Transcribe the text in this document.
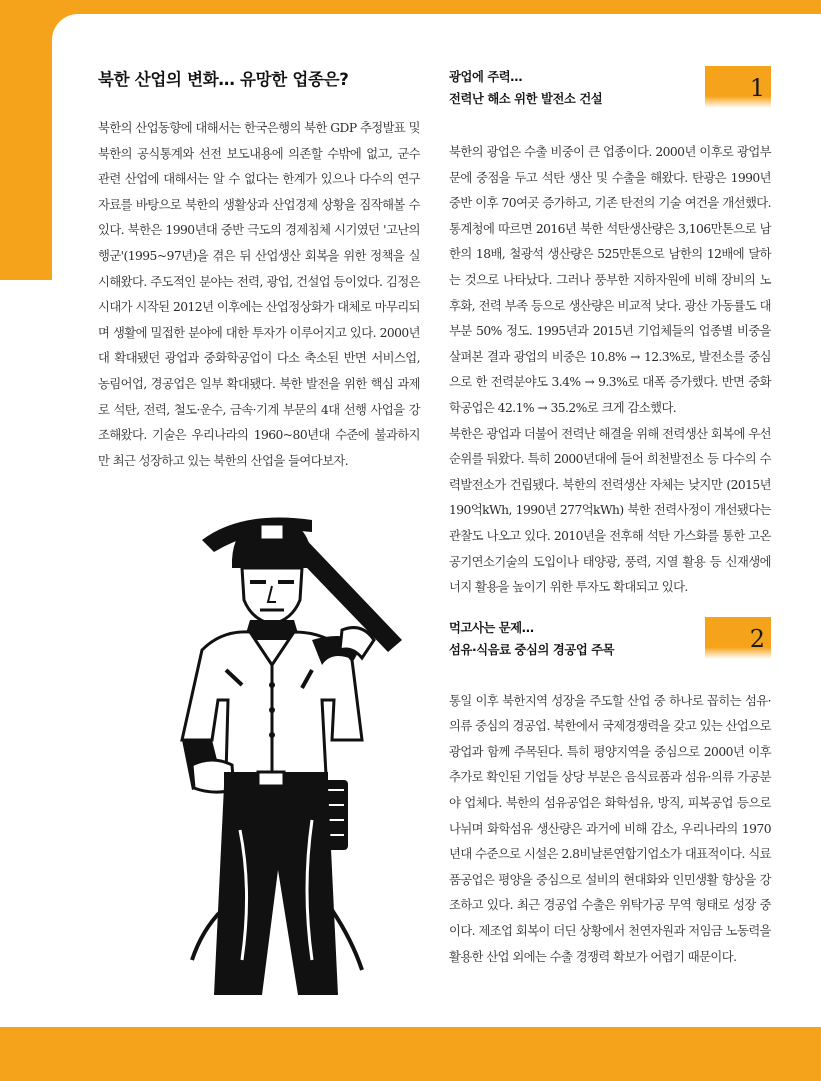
북한 산업의 변화… 유망한 업종은?

북한의 산업동향에 대해서는 한국은행의 북한 GDP 추정발표 및 북한의 공식통계와 선전 보도내용에 의존할 수밖에 없고, 군수 관련 산업에 대해서는 알 수 없다는 한계가 있으나 다수의 연구 자료를 바탕으로 북한의 생활상과 산업경제 상황을 짐작해볼 수 있다. 북한은 1990년대 중반 극도의 경제침체 시기였던 '고난의 행군'(1995~97년)을 겪은 뒤 산업생산 회복을 위한 정책을 실시해왔다. 주도적인 분야는 전력, 광업, 건설업 등이었다. 김정은 시대가 시작된 2012년 이후에는 산업정상화가 대체로 마무리되며 생활에 밀접한 분야에 대한 투자가 이루어지고 있다. 2000년대 확대됐던 광업과 중화학공업이 다소 축소된 반면 서비스업, 농림어업, 경공업은 일부 확대됐다. 북한 발전을 위한 핵심 과제로 석탄, 전력, 철도·운수, 금속·기계 부문의 4대 선행 사업을 강조해왔다. 기술은 우리나라의 1960~80년대 수준에 불과하지만 최근 성장하고 있는 북한의 산업을 들여다보자.

광업에 주력…
전력난 해소 위한 발전소 건설	1

북한의 광업은 수출 비중이 큰 업종이다. 2000년 이후로 광업부문에 중점을 두고 석탄 생산 및 수출을 해왔다. 탄광은 1990년 중반 이후 70여곳 증가하고, 기존 탄전의 기술 여건을 개선했다. 통계청에 따르면 2016년 북한 석탄생산량은 3,106만톤으로 남한의 18배, 철광석 생산량은 525만톤으로 남한의 12배에 달하는 것으로 나타났다. 그러나 풍부한 지하자원에 비해 장비의 노후화, 전력 부족 등으로 생산량은 비교적 낮다. 광산 가동률도 대부분 50% 정도. 1995년과 2015년 기업체들의 업종별 비중을 살펴본 결과 광업의 비중은 10.8% → 12.3%로, 발전소를 중심으로 한 전력분야도 3.4% → 9.3%로 대폭 증가했다. 반면 중화학공업은 42.1% → 35.2%로 크게 감소했다.

북한은 광업과 더불어 전력난 해결을 위해 전력생산 회복에 우선순위를 둬왔다. 특히 2000년대에 들어 희천발전소 등 다수의 수력발전소가 건립됐다. 북한의 전력생산 자체는 낮지만 (2015년 190억kWh, 1990년 277억kWh) 북한 전력사정이 개선됐다는 관찰도 나오고 있다. 2010년을 전후해 석탄 가스화를 통한 고온공기연소기술의 도입이나 태양광, 풍력, 지열 활용 등 신재생에너지 활용을 높이기 위한 투자도 확대되고 있다.

먹고사는 문제…
섬유·식음료 중심의 경공업 주목	2

통일 이후 북한지역 성장을 주도할 산업 중 하나로 꼽히는 섬유·의류 중심의 경공업. 북한에서 국제경쟁력을 갖고 있는 산업으로 광업과 함께 주목된다. 특히 평양지역을 중심으로 2000년 이후 추가로 확인된 기업들 상당 부분은 음식료품과 섬유·의류 가공분야 업체다. 북한의 섬유공업은 화학섬유, 방직, 피복공업 등으로 나뉘며 화학섬유 생산량은 과거에 비해 감소, 우리나라의 1970년대 수준으로 시설은 2.8비날론연합기업소가 대표적이다. 식료품공업은 평양을 중심으로 설비의 현대화와 인민생활 향상을 강조하고 있다. 최근 경공업 수출은 위탁가공 무역 형태로 성장 중이다. 제조업 회복이 더딘 상황에서 천연자원과 저임금 노동력을 활용한 산업 외에는 수출 경쟁력 확보가 어렵기 때문이다.
